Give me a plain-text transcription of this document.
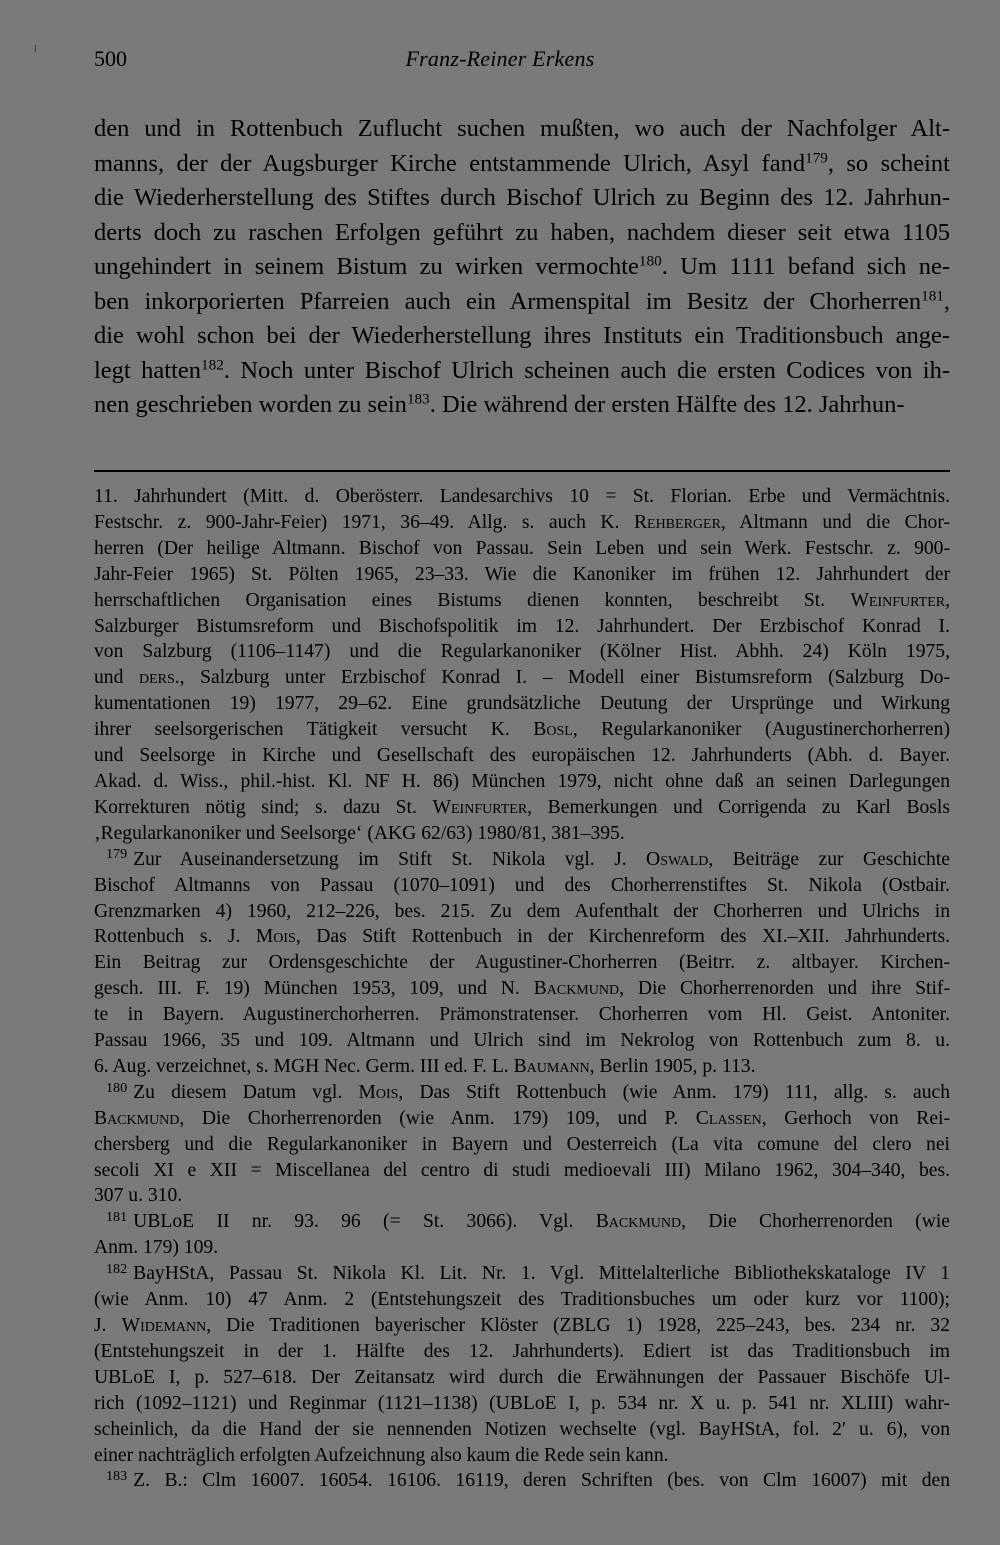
ł	500	Franz-Reiner Erkens
den und in Rottenbuch Zuflucht suchen mußten, wo auch der Nachfolger Alt-
manns, der der Augsburger Kirche entstammende Ulrich, Asyl fand$^{179}$, so scheint
die Wiederherstellung des Stiftes durch Bischof Ulrich zu Beginn des 12. Jahrhun-
derts doch zu raschen Erfolgen geführt zu haben, nachdem dieser seit etwa 1105
ungehindert in seinem Bistum zu wirken vermochte$^{180}$. Um 1111 befand sich ne-
ben inkorporierten Pfarreien auch ein Armenspital im Besitz der Chorherren$^{181}$,
die wohl schon bei der Wiederherstellung ihres Instituts ein Traditionsbuch ange-
legt hatten$^{182}$. Noch unter Bischof Ulrich scheinen auch die ersten Codices von ih-
nen geschrieben worden zu sein$^{183}$. Die während der ersten Hälfte des 12. Jahrhun-
11. Jahrhundert (Mitt. d. Oberösterr. Landesarchivs 10 = St. Florian. Erbe und Vermächtnis.
Festschr. z. 900-Jahr-Feier) 1971, 36–49. Allg. s. auch K. Rehberger, Altmann und die Chor-
herren (Der heilige Altmann. Bischof von Passau. Sein Leben und sein Werk. Festschr. z. 900-
Jahr-Feier 1965) St. Pölten 1965, 23–33. Wie die Kanoniker im frühen 12. Jahrhundert der
herrschaftlichen Organisation eines Bistums dienen konnten, beschreibt St. Weinfurter,
Salzburger Bistumsreform und Bischofspolitik im 12. Jahrhundert. Der Erzbischof Konrad I.
von Salzburg (1106–1147) und die Regularkanoniker (Kölner Hist. Abhh. 24) Köln 1975,
und ders., Salzburg unter Erzbischof Konrad I. – Modell einer Bistumsreform (Salzburg Do-
kumentationen 19) 1977, 29–62. Eine grundsätzliche Deutung der Ursprünge und Wirkung
ihrer seelsorgerischen Tätigkeit versucht K. Bosl, Regularkanoniker (Augustinerchorherren)
und Seelsorge in Kirche und Gesellschaft des europäischen 12. Jahrhunderts (Abh. d. Bayer.
Akad. d. Wiss., phil.-hist. Kl. NF H. 86) München 1979, nicht ohne daß an seinen Darlegungen
Korrekturen nötig sind; s. dazu St. Weinfurter, Bemerkungen und Corrigenda zu Karl Bosls
‚Regularkanoniker und Seelsorge‘ (AKG 62/63) 1980/81, 381–395.
$^{179}$ Zur Auseinandersetzung im Stift St. Nikola vgl. J. Oswald, Beiträge zur Geschichte
Bischof Altmanns von Passau (1070–1091) und des Chorherrenstiftes St. Nikola (Ostbair.
Grenzmarken 4) 1960, 212–226, bes. 215. Zu dem Aufenthalt der Chorherren und Ulrichs in
Rottenbuch s. J. Mois, Das Stift Rottenbuch in der Kirchenreform des XI.–XII. Jahrhunderts.
Ein Beitrag zur Ordensgeschichte der Augustiner-Chorherren (Beitrr. z. altbayer. Kirchen-
gesch. III. F. 19) München 1953, 109, und N. Backmund, Die Chorherrenorden und ihre Stif-
te in Bayern. Augustinerchorherren. Prämonstratenser. Chorherren vom Hl. Geist. Antoniter.
Passau 1966, 35 und 109. Altmann und Ulrich sind im Nekrolog von Rottenbuch zum 8. u.
6. Aug. verzeichnet, s. MGH Nec. Germ. III ed. F. L. Baumann, Berlin 1905, p. 113.
$^{180}$ Zu diesem Datum vgl. Mois, Das Stift Rottenbuch (wie Anm. 179) 111, allg. s. auch
Backmund, Die Chorherrenorden (wie Anm. 179) 109, und P. Classen, Gerhoch von Rei-
chersberg und die Regularkanoniker in Bayern und Oesterreich (La vita comune del clero nei
secoli XI e XII = Miscellanea del centro di studi medioevali III) Milano 1962, 304–340, bes.
307 u. 310.
$^{181}$ UBLoE II nr. 93. 96 (= St. 3066). Vgl. Backmund, Die Chorherrenorden (wie
Anm. 179) 109.
$^{182}$ BayHStA, Passau St. Nikola Kl. Lit. Nr. 1. Vgl. Mittelalterliche Bibliothekskataloge IV 1
(wie Anm. 10) 47 Anm. 2 (Entstehungszeit des Traditionsbuches um oder kurz vor 1100);
J. Widemann, Die Traditionen bayerischer Klöster (ZBLG 1) 1928, 225–243, bes. 234 nr. 32
(Entstehungszeit in der 1. Hälfte des 12. Jahrhunderts). Ediert ist das Traditionsbuch im
UBLoE I, p. 527–618. Der Zeitansatz wird durch die Erwähnungen der Passauer Bischöfe Ul-
rich (1092–1121) und Reginmar (1121–1138) (UBLoE I, p. 534 nr. X u. p. 541 nr. XLIII) wahr-
scheinlich, da die Hand der sie nennenden Notizen wechselte (vgl. BayHStA, fol. 2′ u. 6), von
einer nachträglich erfolgten Aufzeichnung also kaum die Rede sein kann.
$^{183}$ Z. B.: Clm 16007. 16054. 16106. 16119, deren Schriften (bes. von Clm 16007) mit den
